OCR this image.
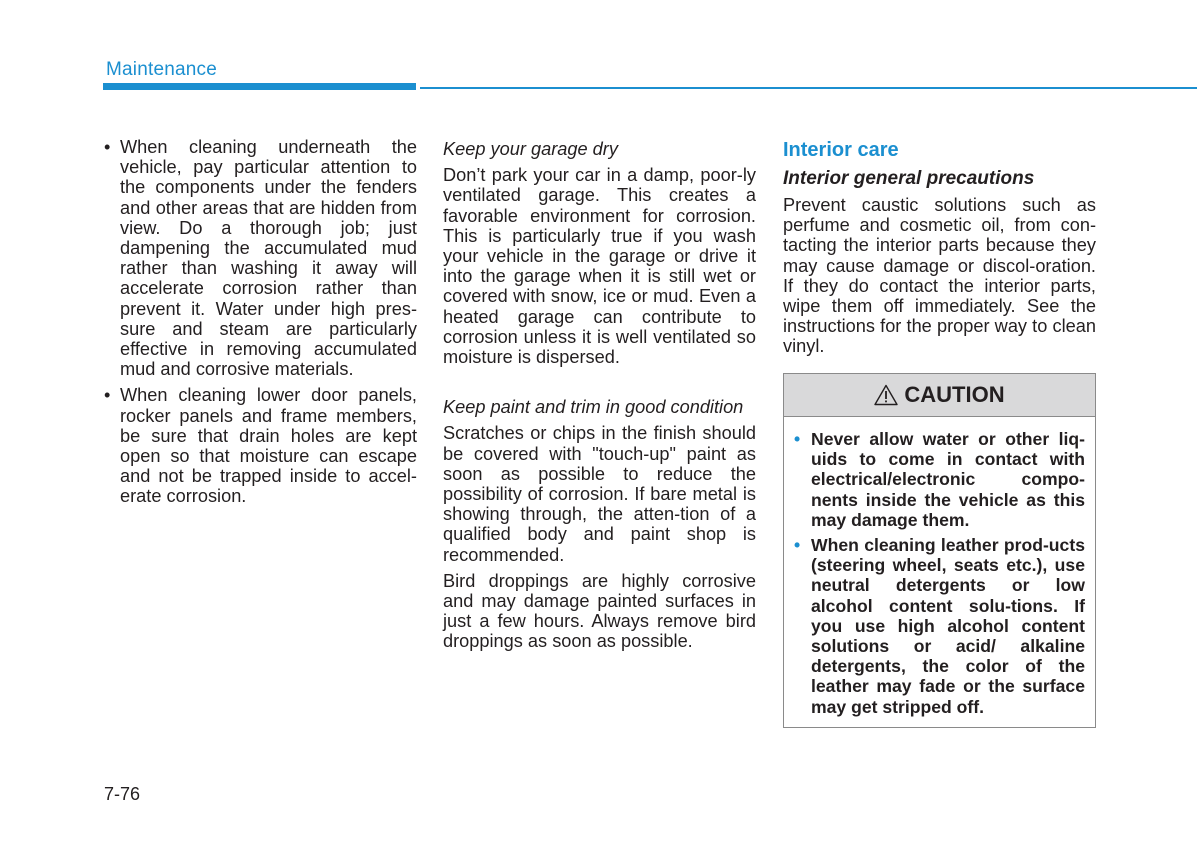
Maintenance
• When cleaning underneath the vehicle, pay particular attention to the components under the fenders and other areas that are hidden from view. Do a thorough job; just dampening the accumulated mud rather than washing it away will accelerate corrosion rather than prevent it. Water under high pres-sure and steam are particularly effective in removing accumulated mud and corrosive materials.
• When cleaning lower door panels, rocker panels and frame members, be sure that drain holes are kept open so that moisture can escape and not be trapped inside to accel-erate corrosion.

Keep your garage dry

Don’t park your car in a damp, poor-ly ventilated garage. This creates a favorable environment for corrosion. This is particularly true if you wash your vehicle in the garage or drive it into the garage when it is still wet or covered with snow, ice or mud. Even a heated garage can contribute to corrosion unless it is well ventilated so moisture is dispersed.

Keep paint and trim in good condition

Scratches or chips in the finish should be covered with "touch-up" paint as soon as possible to reduce the possibility of corrosion. If bare metal is showing through, the atten-tion of a qualified body and paint shop is recommended.

Bird droppings are highly corrosive and may damage painted surfaces in just a few hours. Always remove bird droppings as soon as possible.

Interior care
Interior general precautions

Prevent caustic solutions such as perfume and cosmetic oil, from con-tacting the interior parts because they may cause damage or discol-oration. If they do contact the interior parts, wipe them off immediately. See the instructions for the proper way to clean vinyl.

CAUTION
• Never allow water or other liq-uids to come in contact with electrical/electronic compo-nents inside the vehicle as this may damage them.
• When cleaning leather prod-ucts (steering wheel, seats etc.), use neutral detergents or low alcohol content solu-tions. If you use high alcohol content solutions or acid/ alkaline detergents, the color of the leather may fade or the surface may get stripped off.
7-76
